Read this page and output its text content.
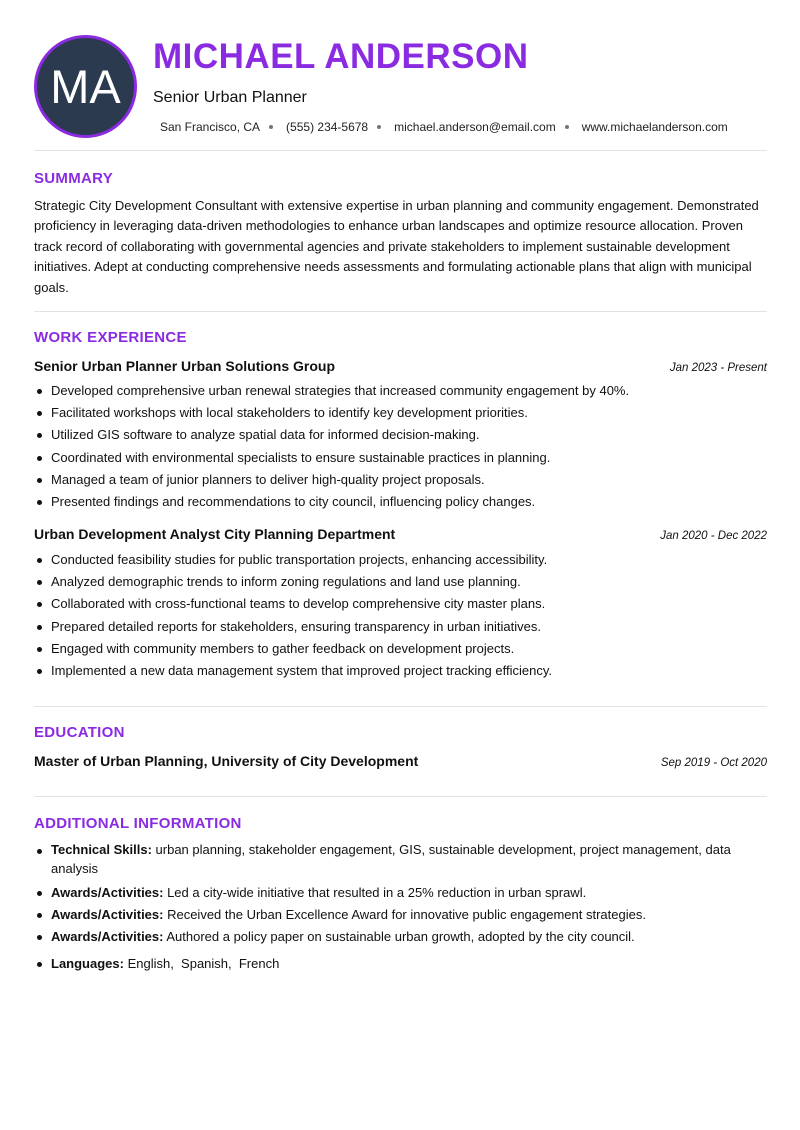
MA
MICHAEL ANDERSON
Senior Urban Planner
San Francisco, CA (555) 234-5678 michael.anderson@email.com www.michaelanderson.com
SUMMARY

Strategic City Development Consultant with extensive expertise in urban planning and community engagement. Demonstrated proficiency in leveraging data-driven methodologies to enhance urban landscapes and optimize resource allocation. Proven track record of collaborating with governmental agencies and private stakeholders to implement sustainable development initiatives. Adept at conducting comprehensive needs assessments and formulating actionable plans that align with municipal goals.

WORK EXPERIENCE
Senior Urban Planner Urban Solutions Group	Jan 2023 - Present
Developed comprehensive urban renewal strategies that increased community engagement by 40%.
Facilitated workshops with local stakeholders to identify key development priorities.
Utilized GIS software to analyze spatial data for informed decision-making.
Coordinated with environmental specialists to ensure sustainable practices in planning.
Managed a team of junior planners to deliver high-quality project proposals.
Presented findings and recommendations to city council, influencing policy changes.
Urban Development Analyst City Planning Department	Jan 2020 - Dec 2022
Conducted feasibility studies for public transportation projects, enhancing accessibility.
Analyzed demographic trends to inform zoning regulations and land use planning.
Collaborated with cross-functional teams to develop comprehensive city master plans.
Prepared detailed reports for stakeholders, ensuring transparency in urban initiatives.
Engaged with community members to gather feedback on development projects.
Implemented a new data management system that improved project tracking efficiency.
EDUCATION
Master of Urban Planning, University of City Development	Sep 2019 - Oct 2020
ADDITIONAL INFORMATION
Technical Skills: urban planning, stakeholder engagement, GIS, sustainable development, project management, data analysis
Awards/Activities: Led a city-wide initiative that resulted in a 25% reduction in urban sprawl.
Awards/Activities: Received the Urban Excellence Award for innovative public engagement strategies.
Awards/Activities: Authored a policy paper on sustainable urban growth, adopted by the city council.
Languages: English,  Spanish,  French
